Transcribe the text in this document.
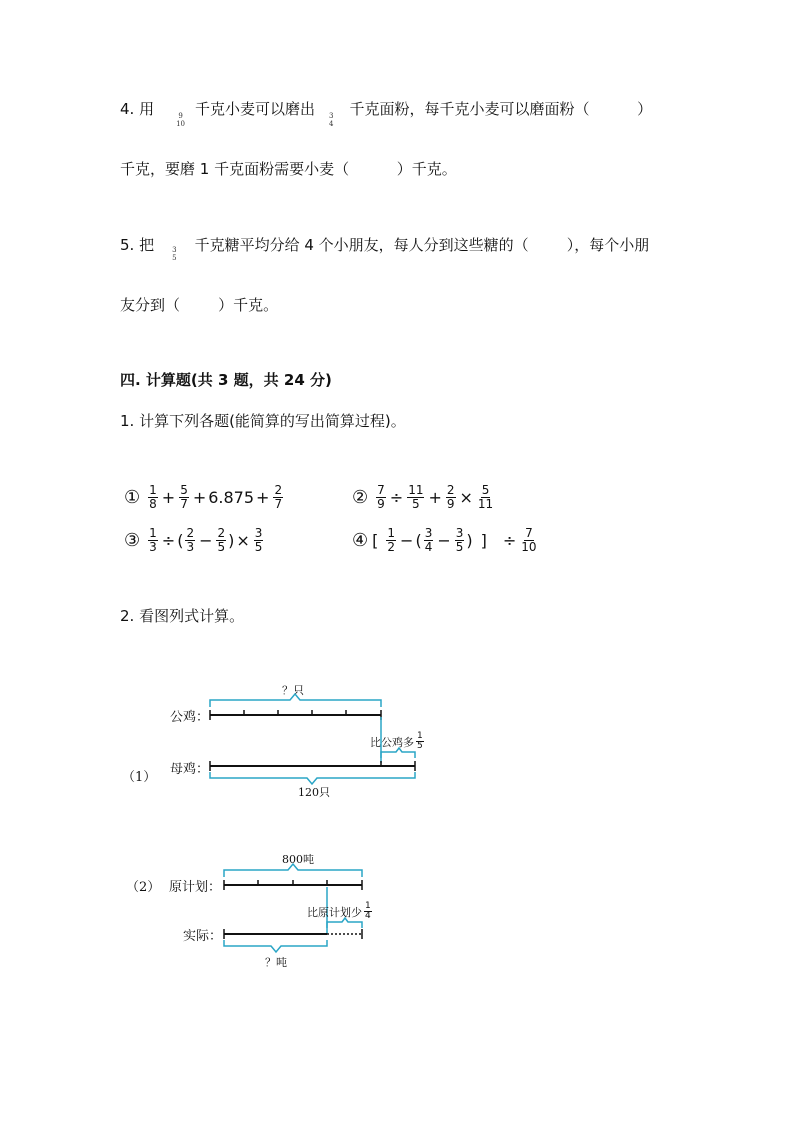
4. 用	9
10
千克小麦可以磨出 3
4
千克面粉，每千克小麦可以磨面粉（          ）
千克，要磨 1 千克面粉需要小麦（          ）千克。
5. 把	3
5
千克糖平均分给 4 个小朋友，每人分到这些糖的（        ），每个小朋
友分到（        ）千克。
四. 计算题(共 3 题，共 24 分)
1. 计算下列各题(能简算的写出简算过程)。
① $\frac{1}{8} + \frac{5}{7} + 6.875 + \frac{2}{7}$	② $\frac{7}{9} \div \frac{11}{5} + \frac{2}{9} \times \frac{5}{11}$
③ $\frac{1}{3}$ ÷ ( $\frac{2}{3} - \frac{2}{5}$ ) × $\frac{3}{5}$	④ [ $\frac{1}{2}$ − ( $\frac{3}{4} - \frac{3}{5}$ ) ] ÷ $\frac{7}{10}$
2. 看图列式计算。
（1）
？只
公鸡：
母鸡：
比公鸡多 $\frac{1}{5}$
120只
（2）
800吨
原计划：
实际：
比原计划少 $\frac{1}{4}$
？吨
